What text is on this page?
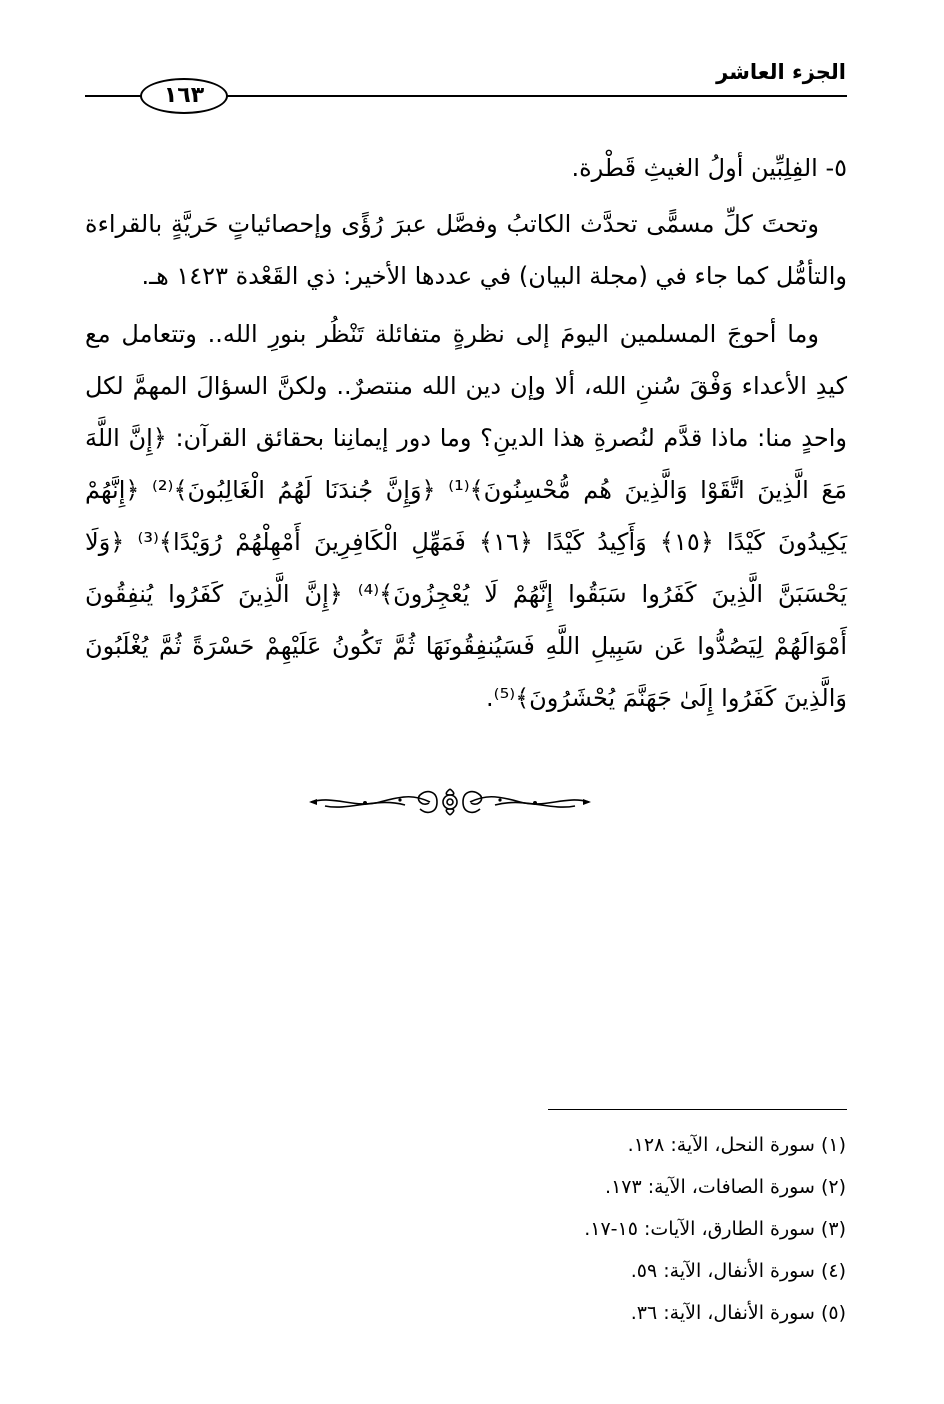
الجزء العاشر
١٦٣

٥- الفِلِبِّين أولُ الغيثِ قَطْرة.

وتحتَ كلِّ مسمًّى تحدَّث الكاتبُ وفصَّل عبرَ رُؤًى وإحصائياتٍ حَريَّةٍ بالقراءة والتأمُّل كما جاء في (مجلة البيان) في عددها الأخير: ذي القَعْدة ١٤٢٣ هـ.

وما أحوجَ المسلمين اليومَ إلى نظرةٍ متفائلة تَنْظُر بنورِ الله.. وتتعامل مع كيدِ الأعداء وَفْقَ سُننِ الله، ألا وإن دين الله منتصرٌ.. ولكنَّ السؤالَ المهمَّ لكل واحدٍ منا: ماذا قدَّم لنُصرةِ هذا الدينِ؟ وما دور إيمانِنا بحقائق القرآن: ﴿إِنَّ اللَّهَ مَعَ الَّذِينَ اتَّقَوْا وَالَّذِينَ هُم مُّحْسِنُونَ﴾⁽¹⁾ ﴿وَإِنَّ جُندَنَا لَهُمُ الْغَالِبُونَ﴾⁽²⁾ ﴿إِنَّهُمْ يَكِيدُونَ كَيْدًا ﴿١٥﴾ وَأَكِيدُ كَيْدًا ﴿١٦﴾ فَمَهِّلِ الْكَافِرِينَ أَمْهِلْهُمْ رُوَيْدًا﴾⁽³⁾ ﴿وَلَا يَحْسَبَنَّ الَّذِينَ كَفَرُوا سَبَقُوا إِنَّهُمْ لَا يُعْجِزُونَ﴾⁽⁴⁾ ﴿إِنَّ الَّذِينَ كَفَرُوا يُنفِقُونَ أَمْوَالَهُمْ لِيَصُدُّوا عَن سَبِيلِ اللَّهِ فَسَيُنفِقُونَهَا ثُمَّ تَكُونُ عَلَيْهِمْ حَسْرَةً ثُمَّ يُغْلَبُونَ وَالَّذِينَ كَفَرُوا إِلَىٰ جَهَنَّمَ يُحْشَرُونَ﴾⁽⁵⁾.

(١) سورة النحل، الآية: ١٢٨.
(٢) سورة الصافات، الآية: ١٧٣.
(٣) سورة الطارق، الآيات: ١٥-١٧.
(٤) سورة الأنفال، الآية: ٥٩.
(٥) سورة الأنفال، الآية: ٣٦.
